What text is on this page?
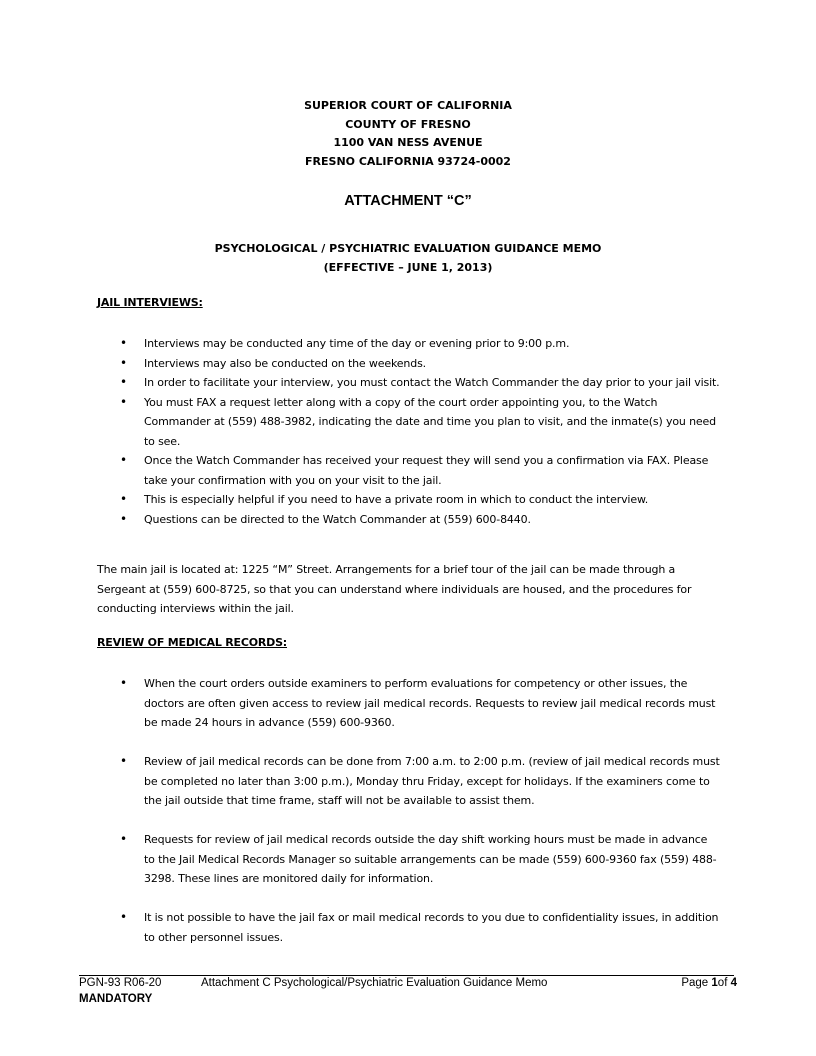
SUPERIOR COURT OF CALIFORNIA
COUNTY OF FRESNO
1100 VAN NESS AVENUE
FRESNO CALIFORNIA 93724-0002
ATTACHMENT “C”
PSYCHOLOGICAL / PSYCHIATRIC EVALUATION GUIDANCE MEMO
(EFFECTIVE – JUNE 1, 2013)
JAIL INTERVIEWS:
• Interviews may be conducted any time of the day or evening prior to 9:00 p.m.
• Interviews may also be conducted on the weekends.
• In order to facilitate your interview, you must contact the Watch Commander the day prior to your jail visit.
• You must FAX a request letter along with a copy of the court order appointing you, to the Watch Commander at (559) 488-3982, indicating the date and time you plan to visit, and the inmate(s) you need to see.
• Once the Watch Commander has received your request they will send you a confirmation via FAX. Please take your confirmation with you on your visit to the jail.
• This is especially helpful if you need to have a private room in which to conduct the interview.
• Questions can be directed to the Watch Commander at (559) 600-8440.
The main jail is located at: 1225 “M” Street. Arrangements for a brief tour of the jail can be made through a Sergeant at (559) 600-8725, so that you can understand where individuals are housed, and the procedures for conducting interviews within the jail.
REVIEW OF MEDICAL RECORDS:
• When the court orders outside examiners to perform evaluations for competency or other issues, the doctors are often given access to review jail medical records. Requests to review jail medical records must be made 24 hours in advance (559) 600-9360.
• Review of jail medical records can be done from 7:00 a.m. to 2:00 p.m. (review of jail medical records must be completed no later than 3:00 p.m.), Monday thru Friday, except for holidays. If the examiners come to the jail outside that time frame, staff will not be available to assist them.
• Requests for review of jail medical records outside the day shift working hours must be made in advance to the Jail Medical Records Manager so suitable arrangements can be made (559) 600-9360 fax (559) 488-3298. These lines are monitored daily for information.
• It is not possible to have the jail fax or mail medical records to you due to confidentiality issues, in addition to other personnel issues.
PGN-93 R06-20	Attachment C Psychological/Psychiatric Evaluation Guidance Memo	Page 1of 4
MANDATORY
